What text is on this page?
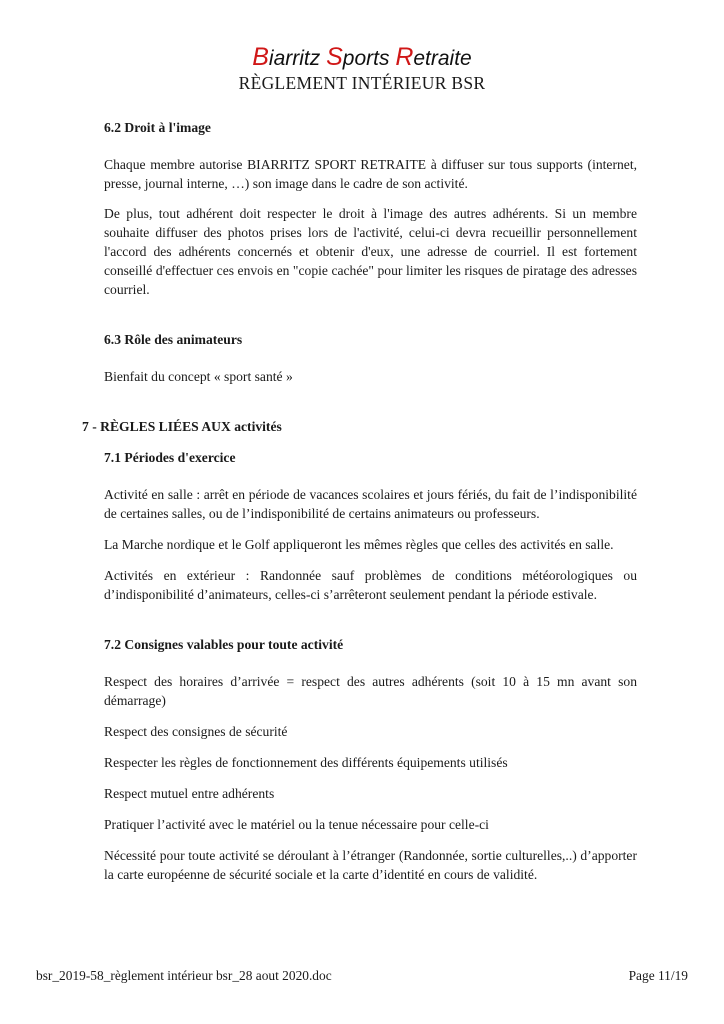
Biarritz Sports Retraite
RÈGLEMENT INTÉRIEUR BSR

6.2 Droit à l'image

Chaque membre autorise BIARRITZ SPORT RETRAITE à diffuser sur tous supports (internet, presse, journal interne, …) son image dans le cadre de son activité.

De plus, tout adhérent doit respecter le droit à l'image des autres adhérents. Si un membre souhaite diffuser des photos prises lors de l'activité, celui-ci devra recueillir personnellement l'accord des adhérents concernés et obtenir d'eux, une adresse de courriel. Il est fortement conseillé d'effectuer ces envois en "copie cachée" pour limiter les risques de piratage des adresses courriel.

6.3 Rôle des animateurs

Bienfait du concept « sport santé »

7 - RÈGLES LIÉES AUX activités

7.1 Périodes d'exercice

Activité en salle : arrêt en période de vacances scolaires et jours fériés, du fait de l’indisponibilité de certaines salles, ou de l’indisponibilité de certains animateurs ou professeurs.

La Marche nordique et le Golf appliqueront les mêmes règles que celles des activités en salle.

Activités en extérieur : Randonnée sauf problèmes de conditions météorologiques ou d’indisponibilité d’animateurs, celles-ci s’arrêteront seulement pendant la période estivale.

7.2 Consignes valables pour toute activité

Respect des horaires d’arrivée = respect des autres adhérents (soit 10 à 15 mn avant son démarrage)

Respect des consignes de sécurité

Respecter les règles de fonctionnement des différents équipements utilisés

Respect mutuel entre adhérents

Pratiquer l’activité avec le matériel ou la tenue nécessaire pour celle-ci

Nécessité pour toute activité se déroulant à l’étranger (Randonnée, sortie culturelles,..) d’apporter la carte européenne de sécurité sociale et la carte d’identité en cours de validité.

bsr_2019-58_règlement intérieur bsr_28 aout 2020.doc	Page 11/19
